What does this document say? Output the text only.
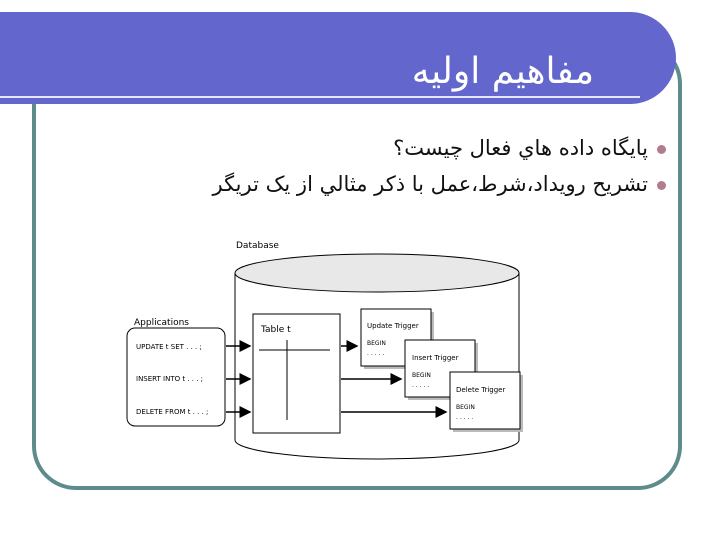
مفاهیم اولیه
پايگاه داده هاي فعال چيست؟
تشريح رويداد،شرط،عمل با ذکر مثالي از يک تريگر
Database
Applications
UPDATE t SET . . . ;
INSERT INTO t . . . ;
DELETE FROM t . . . ;
Table t	Update Trigger
BEGIN
. . . . .
Insert Trigger
BEGIN
. . . . .
Delete Trigger
BEGIN
. . . . .
